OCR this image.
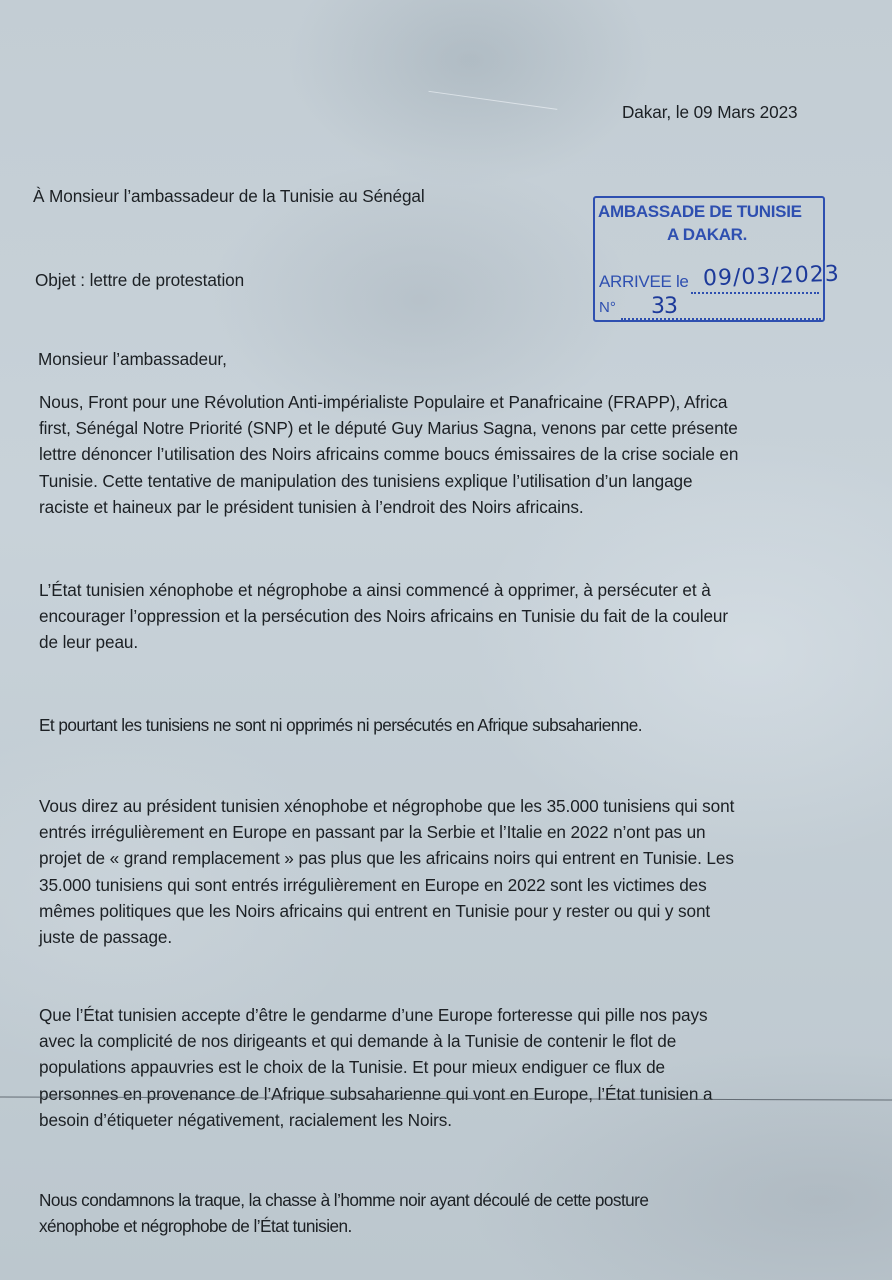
Dakar, le 09 Mars 2023
À Monsieur l’ambassadeur de la Tunisie au Sénégal
Objet : lettre de protestation
AMBASSADE DE TUNISIE
A DAKAR.
ARRIVEE le 09/03/2023
N° 33
Monsieur l’ambassadeur,

Nous, Front pour une Révolution Anti-impérialiste Populaire et Panafricaine (FRAPP), Africa

first, Sénégal Notre Priorité (SNP) et le député Guy Marius Sagna, venons par cette présente

lettre dénoncer l’utilisation des Noirs africains comme boucs émissaires de la crise sociale en

Tunisie. Cette tentative de manipulation des tunisiens explique l’utilisation d’un langage

raciste et haineux par le président tunisien à l’endroit des Noirs africains.

L’État tunisien xénophobe et négrophobe a ainsi commencé à opprimer, à persécuter et à

encourager l’oppression et la persécution des Noirs africains en Tunisie du fait de la couleur

de leur peau.

Et pourtant les tunisiens ne sont ni opprimés ni persécutés en Afrique subsaharienne.

Vous direz au président tunisien xénophobe et négrophobe que les 35.000 tunisiens qui sont

entrés irrégulièrement en Europe en passant par la Serbie et l’Italie en 2022 n’ont pas un

projet de « grand remplacement » pas plus que les africains noirs qui entrent en Tunisie. Les

35.000 tunisiens qui sont entrés irrégulièrement en Europe en 2022 sont les victimes des

mêmes politiques que les Noirs africains qui entrent en Tunisie pour y rester ou qui y sont

juste de passage.

Que l’État tunisien accepte d’être le gendarme d’une Europe forteresse qui pille nos pays

avec la complicité de nos dirigeants et qui demande à la Tunisie de contenir le flot de

populations appauvries est le choix de la Tunisie. Et pour mieux endiguer ce flux de

personnes en provenance de l’Afrique subsaharienne qui vont en Europe, l’État tunisien a

besoin d’étiqueter négativement, racialement les Noirs.

Nous condamnons la traque, la chasse à l’homme noir ayant découlé de cette posture

xénophobe et négrophobe de l’État tunisien.
